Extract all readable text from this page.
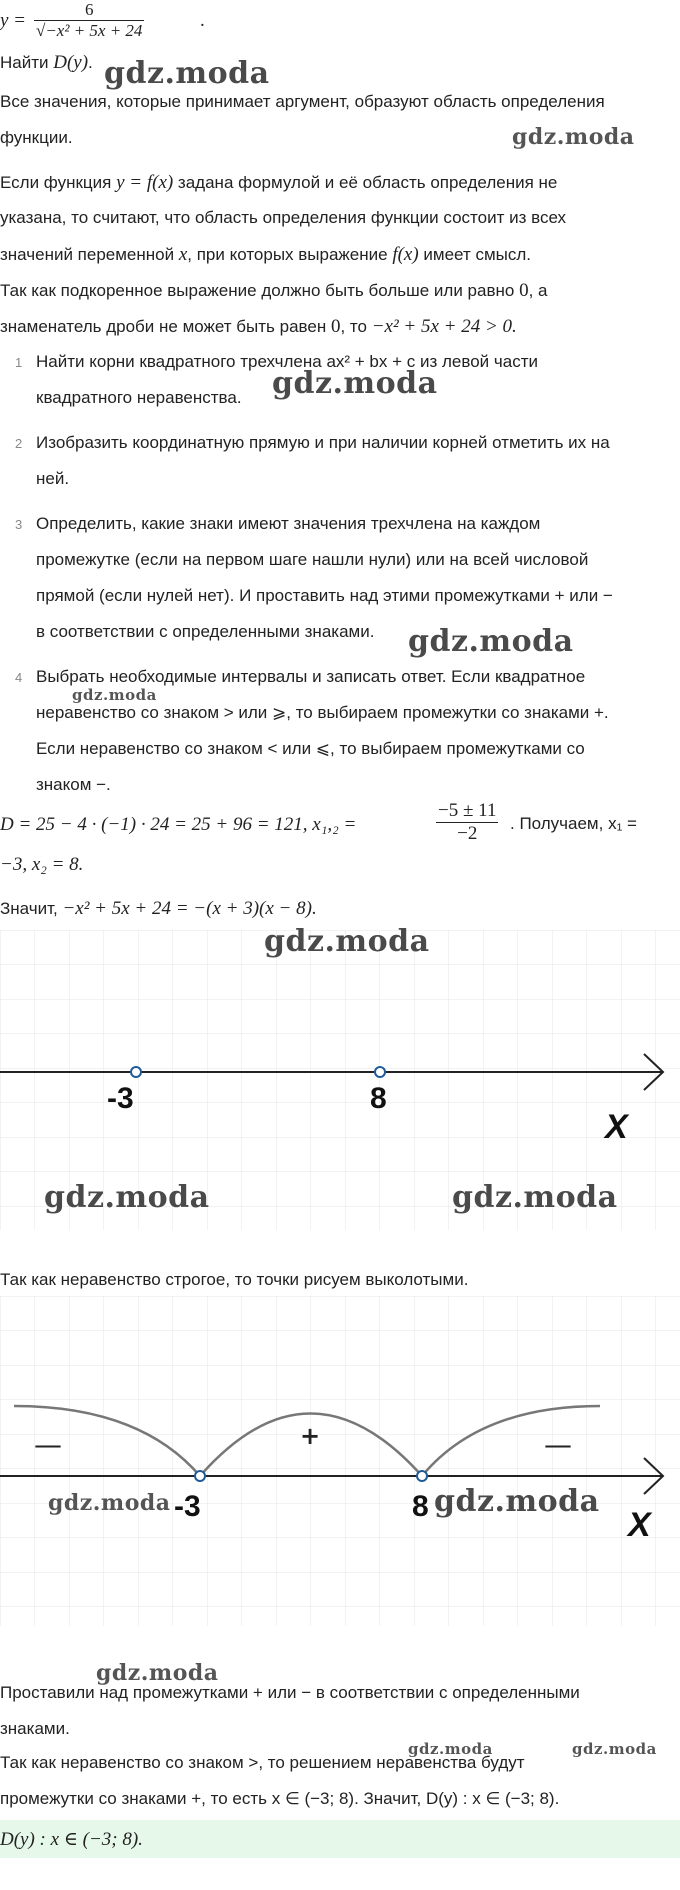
$y = \frac{6}{\text{√−x² + 5x + 24}}$	.
Найти D(y).
Все значения, которые принимает аргумент, образуют область определения
функции.
Если функция y = f(x) задана формулой и её область определения не
указана, то считают, что область определения функции состоит из всех
значений переменной x, при которых выражение f(x) имеет смысл.
Так как подкоренное выражение должно быть больше или равно 0, а
знаменатель дроби не может быть равен 0, то −x² + 5x + 24 > 0.
1 Найти корни квадратного трехчлена ax² + bx + c из левой части
квадратного неравенства.
2 Изобразить координатную прямую и при наличии корней отметить их на
ней.
3 Определить, какие знаки имеют значения трехчлена на каждом
промежутке (если на первом шаге нашли нули) или на всей числовой
прямой (если нулей нет). И проставить над этими промежутками + или −
в соответствии с определенными знаками.
4 Выбрать необходимые интервалы и записать ответ. Если квадратное
неравенство со знаком > или ⩾, то выбираем промежутки со знаками +.
Если неравенство со знаком < или ⩽, то выбираем промежутками со
знаком −.
D = 25 − 4 · (−1) · 24 = 25 + 96 = 121, x₁,₂ =	$\frac{-5 \pm 11}{-2}$ . Получаем, x₁ =
−3, x₂ = 8.
Значит, −x² + 5x + 24 = −(x + 3)(x − 8).
-3	8
X
Так как неравенство строгое, то точки рисуем выколотыми.
—	+	—
-3	8	X
Проставили над промежутками + или − в соответствии с определенными
знаками.
Так как неравенство со знаком >, то решением неравенства будут
промежутки со знаками +, то есть x ∈ (−3; 8). Значит, D(y) : x ∈ (−3; 8).
D(y) : x ∈ (−3; 8).
gdz.moda
gdz.moda
gdz.moda
gdz.moda
gdz.moda
gdz.moda
gdz.moda	gdz.moda
gdz.moda	gdz.moda
gdz.moda
gdz.moda	gdz.moda
